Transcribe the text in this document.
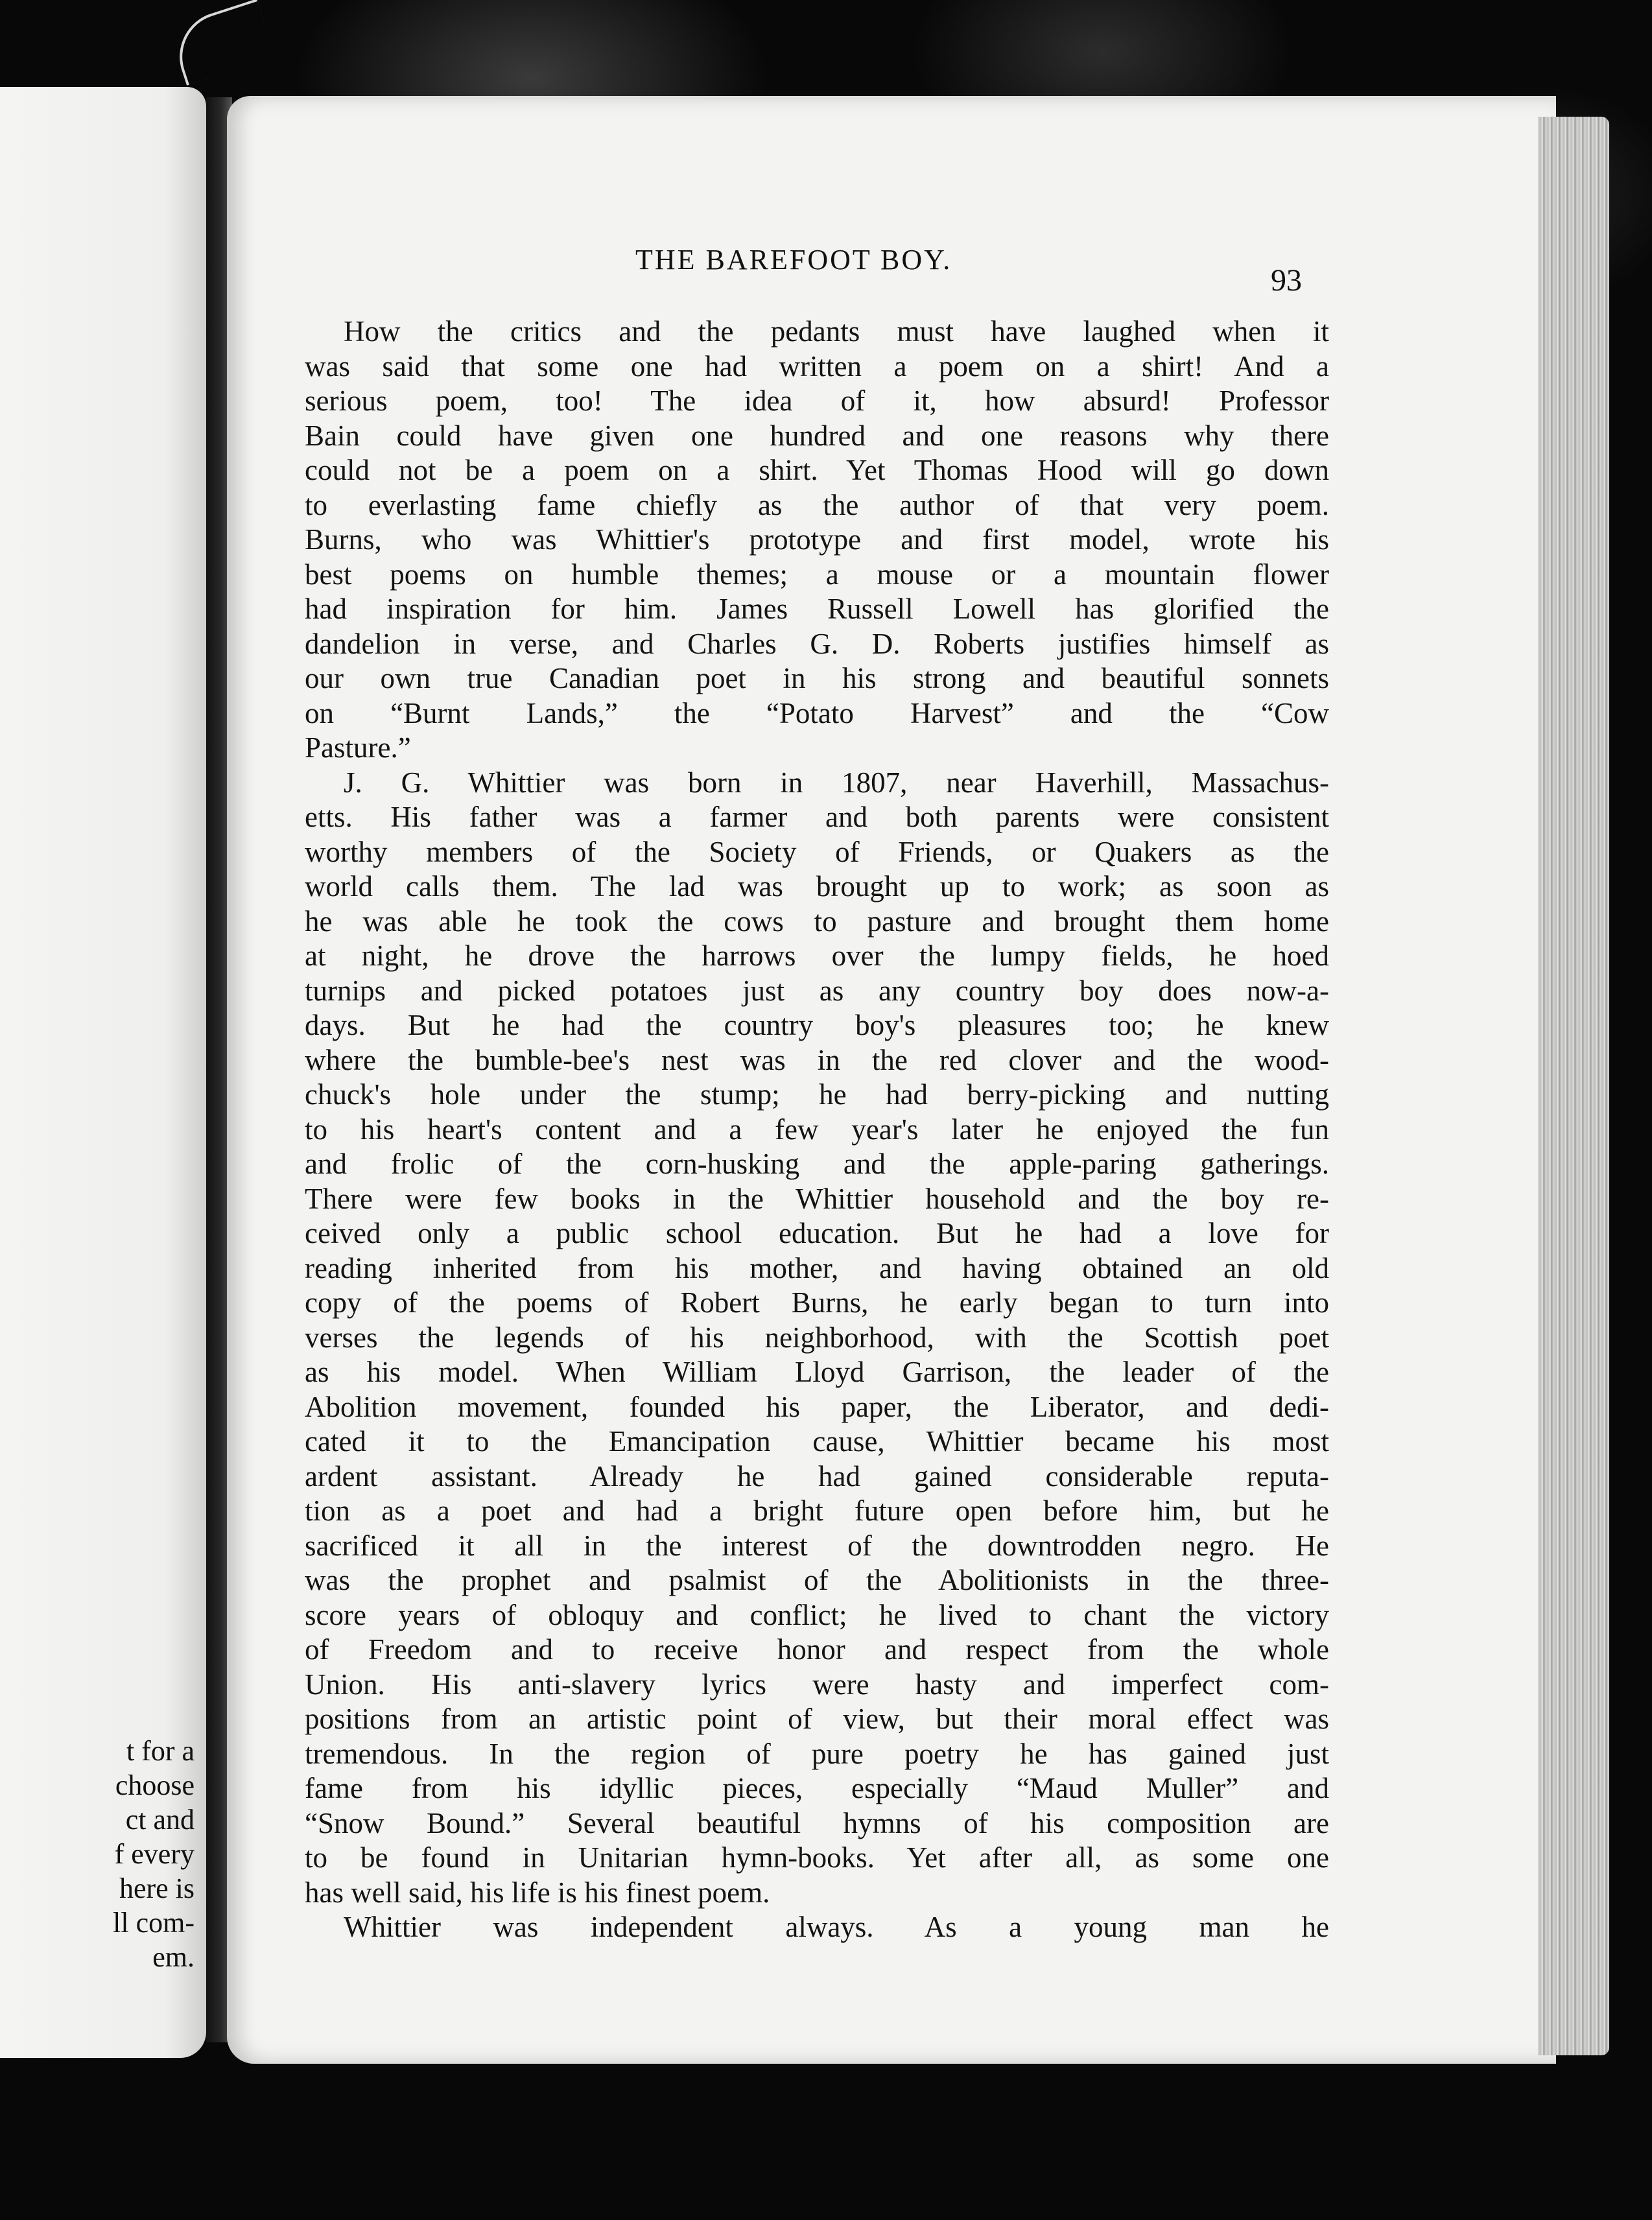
t for a
choose
ct and
f every
here is
ll com-
em.
THE BAREFOOT BOY.
93
How the critics and the pedants must have laughed when it
was said that some one had written a poem on a shirt! And a
serious poem, too! The idea of it, how absurd! Professor
Bain could have given one hundred and one reasons why there
could not be a poem on a shirt. Yet Thomas Hood will go down
to everlasting fame chiefly as the author of that very poem.
Burns, who was Whittier's prototype and first model, wrote his
best poems on humble themes; a mouse or a mountain flower
had inspiration for him. James Russell Lowell has glorified the
dandelion in verse, and Charles G. D. Roberts justifies himself as
our own true Canadian poet in his strong and beautiful sonnets
on “Burnt Lands,” the “Potato Harvest” and the “Cow
Pasture.”
J. G. Whittier was born in 1807, near Haverhill, Massachus-
etts. His father was a farmer and both parents were consistent
worthy members of the Society of Friends, or Quakers as the
world calls them. The lad was brought up to work; as soon as
he was able he took the cows to pasture and brought them home
at night, he drove the harrows over the lumpy fields, he hoed
turnips and picked potatoes just as any country boy does now-a-
days. But he had the country boy's pleasures too; he knew
where the bumble-bee's nest was in the red clover and the wood-
chuck's hole under the stump; he had berry-picking and nutting
to his heart's content and a few year's later he enjoyed the fun
and frolic of the corn-husking and the apple-paring gatherings.
There were few books in the Whittier household and the boy re-
ceived only a public school education. But he had a love for
reading inherited from his mother, and having obtained an old
copy of the poems of Robert Burns, he early began to turn into
verses the legends of his neighborhood, with the Scottish poet
as his model. When William Lloyd Garrison, the leader of the
Abolition movement, founded his paper, the Liberator, and dedi-
cated it to the Emancipation cause, Whittier became his most
ardent assistant. Already he had gained considerable reputa-
tion as a poet and had a bright future open before him, but he
sacrificed it all in the interest of the downtrodden negro. He
was the prophet and psalmist of the Abolitionists in the three-
score years of obloquy and conflict; he lived to chant the victory
of Freedom and to receive honor and respect from the whole
Union. His anti-slavery lyrics were hasty and imperfect com-
positions from an artistic point of view, but their moral effect was
tremendous. In the region of pure poetry he has gained just
fame from his idyllic pieces, especially “Maud Muller” and
“Snow Bound.” Several beautiful hymns of his composition are
to be found in Unitarian hymn-books. Yet after all, as some one
has well said, his life is his finest poem.
Whittier was independent always. As a young man he
